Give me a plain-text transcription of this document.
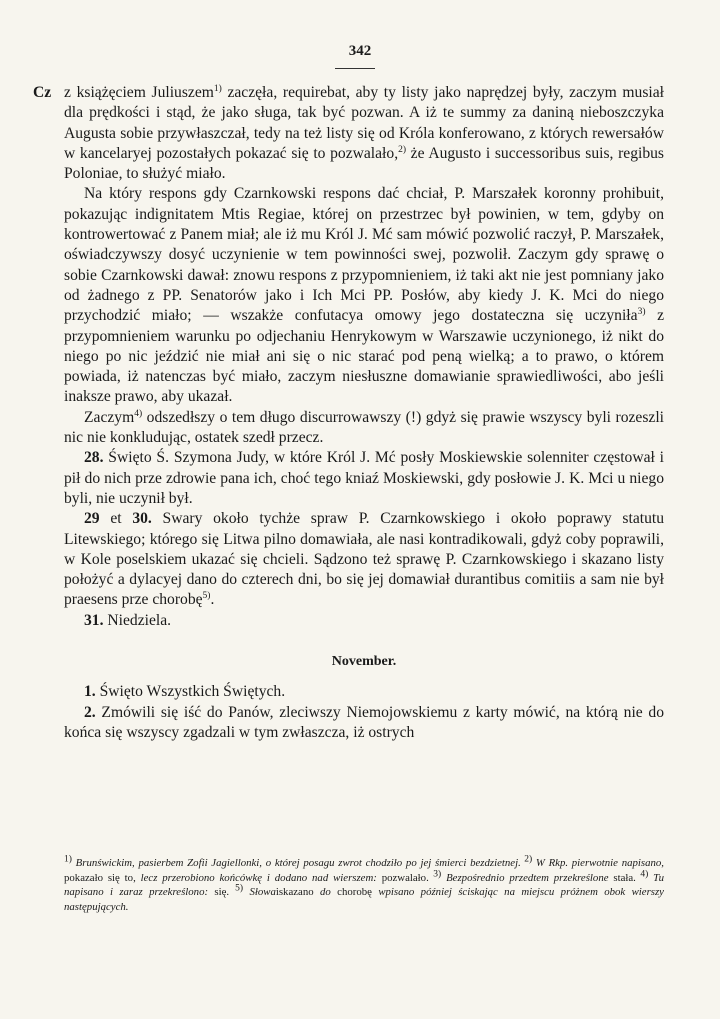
342

Cz z książęciem Juliuszem$^{1)}$ zaczęła, requirebat, aby ty listy jako naprędzej były, zaczym musiał dla prędkości i stąd, że jako sługa, tak być pozwan. A iż te summy za daniną nieboszczyka Augusta sobie przywłaszczał, tedy na też listy się od Króla konferowano, z których rewersałów w kancelaryej pozostałych pokazać się to pozwalało,$^{2)}$ że Augusto i successoribus suis, regibus Poloniae, to służyć miało.

Na który respons gdy Czarnkowski respons dać chciał, P. Marszałek koronny prohibuit, pokazując indignitatem Mtis Regiae, której on przestrzec był powinien, w tem, gdyby on kontrowertować z Panem miał; ale iż mu Król J. Mć sam mówić pozwolić raczył, P. Marszałek, oświadczywszy dosyć uczynienie w tem powinności swej, pozwolił. Zaczym gdy sprawę o sobie Czarnkowski dawał: znowu respons z przypomnieniem, iż taki akt nie jest pomniany jako od żadnego z PP. Senatorów jako i Ich Mci PP. Posłów, aby kiedy J. K. Mci do niego przychodzić miało; — wszakże confutacya omowy jego dostateczna się uczyniła$^{3)}$ z przypomnieniem warunku po odjechaniu Henrykowym w Warszawie uczynionego, iż nikt do niego po nic jeździć nie miał ani się o nic starać pod peną wielką; a to prawo, o którem powiada, iż natenczas być miało, zaczym niesłuszne domawianie sprawiedliwości, abo jeśli inaksze prawo, aby ukazał.

Zaczym$^{4)}$ odszedłszy o tem długo discurrowawszy (!) gdyż się prawie wszyscy byli rozeszli nic nie konkludując, ostatek szedł przecz.

28. Święto Ś. Szymona Judy, w które Król J. Mć posły Moskiewskie solenniter częstował i pił do nich prze zdrowie pana ich, choć tego kniaź Moskiewski, gdy posłowie J. K. Mci u niego byli, nie uczynił był.

29 et 30. Swary około tychże spraw P. Czarnkowskiego i około poprawy statutu Litewskiego; którego się Litwa pilno domawiała, ale nasi kontradikowali, gdyż coby poprawili, w Kole poselskiem ukazać się chcieli. Sądzono też sprawę P. Czarnkowskiego i skazano listy położyć a dylacyej dano do czterech dni, bo się jej domawiał durantibus comitiis a sam nie był praesens prze chorobę$^{5)}$.

31. Niedziela.

November.

1. Święto Wszystkich Świętych.

2. Zmówili się iść do Panów, zleciwszy Niemojowskiemu z karty mówić, na którą nie do końca się wszyscy zgadzali w tym zwłaszcza, iż ostrych

1) Brunświckim, pasierbem Zofii Jagiellonki, o której posagu zwrot chodziło po jej śmierci bezdzietnej. 2) W Rkp. pierwotnie napisano, pokazało się to, lecz przerobiono końcówkę i dodano nad wierszem: pozwalało. 3) Bezpośrednio przedtem przekreślone stała. 4) Tu napisano i zaraz przekreślono: się. 5) Słowaiskazano do chorobę wpisano później ściskając na miejscu próżnem obok wierszy następujących.
